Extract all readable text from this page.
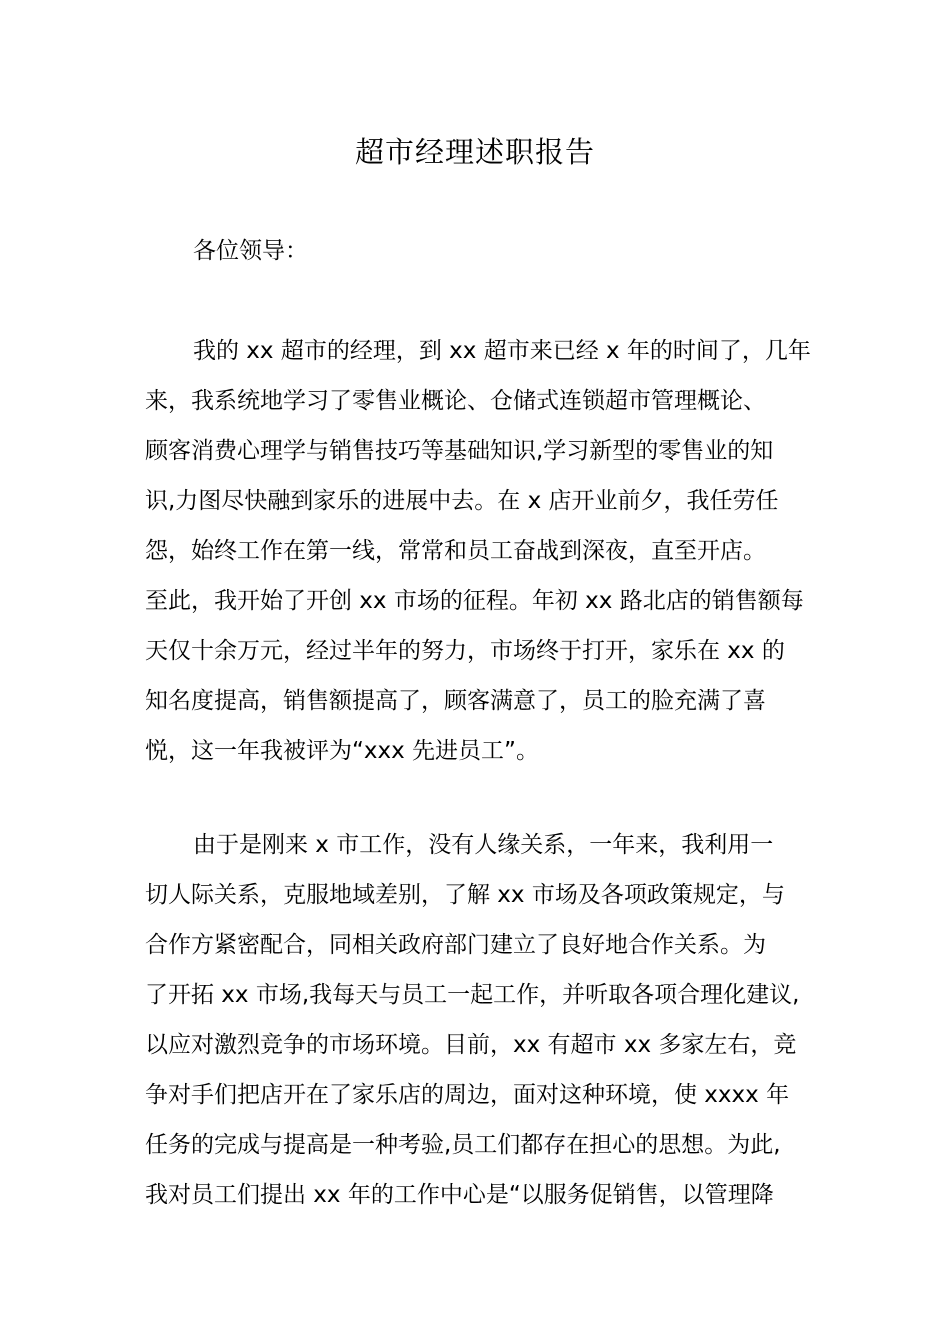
超市经理述职报告
各位领导：
我的 xx 超市的经理，到 xx 超市来已经 x 年的时间了，几年
来，我系统地学习了零售业概论、仓储式连锁超市管理概论、
顾客消费心理学与销售技巧等基础知识,学习新型的零售业的知
识,力图尽快融到家乐的进展中去。在 x 店开业前夕，我任劳任
怨，始终工作在第一线，常常和员工奋战到深夜，直至开店。
至此，我开始了开创 xx 市场的征程。年初 xx 路北店的销售额每
天仅十余万元，经过半年的努力，市场终于打开，家乐在 xx 的
知名度提高，销售额提高了，顾客满意了，员工的脸充满了喜
悦，这一年我被评为“xxx 先进员工”。
由于是刚来 x 市工作，没有人缘关系，一年来，我利用一
切人际关系，克服地域差别，了解 xx 市场及各项政策规定，与
合作方紧密配合，同相关政府部门建立了良好地合作关系。为
了开拓 xx 市场,我每天与员工一起工作，并听取各项合理化建议,
以应对激烈竞争的市场环境。目前，xx 有超市 xx 多家左右，竞
争对手们把店开在了家乐店的周边，面对这种环境，使 xxxx 年
任务的完成与提高是一种考验,员工们都存在担心的思想。为此,
我对员工们提出 xx 年的工作中心是“以服务促销售，以管理降
